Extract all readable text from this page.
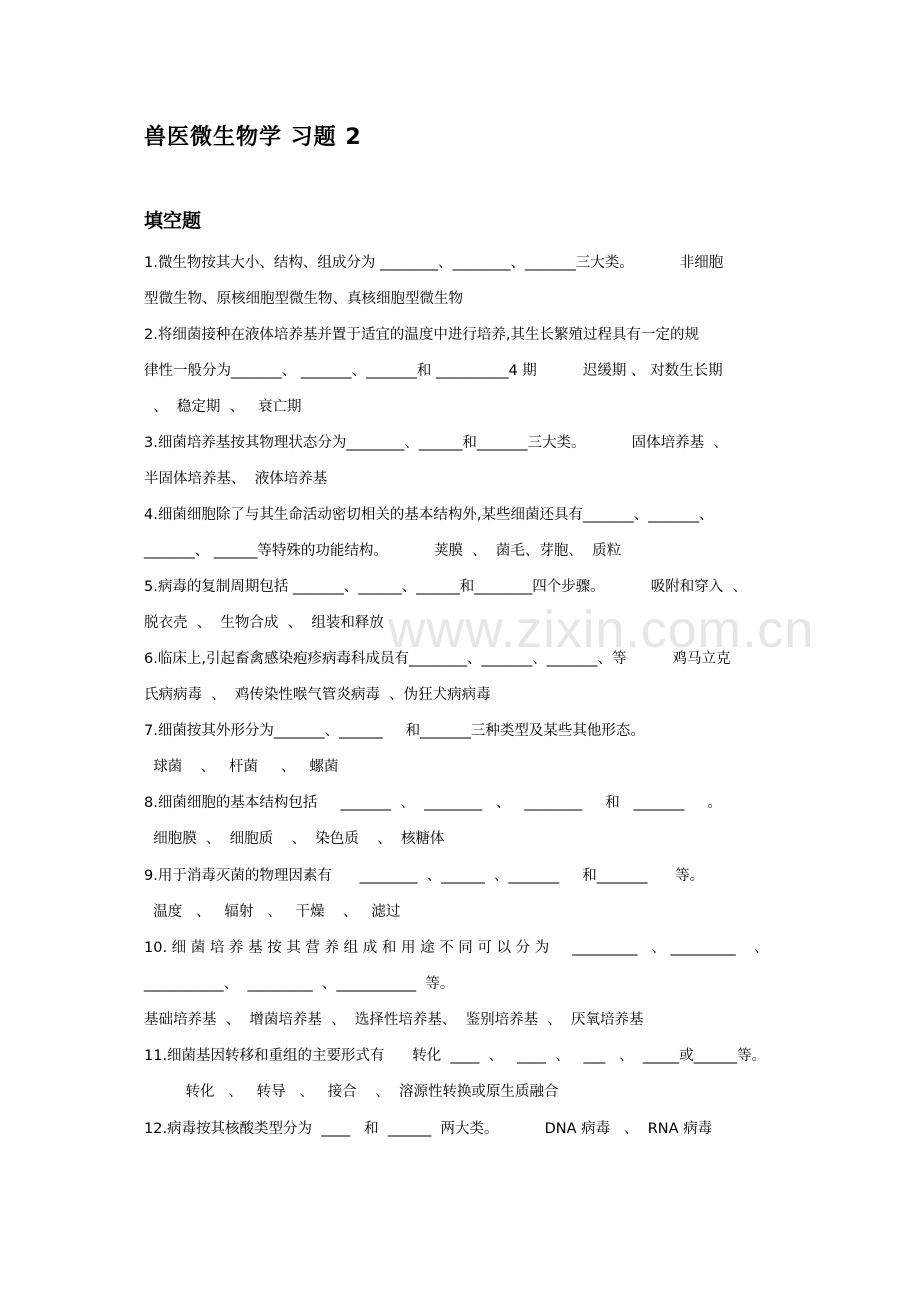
www.zixin.com.cn
兽医微生物学 习题 2
填空题
1.微生物按其大小、结构、组成分为 ________、________、_______三大类。          非细胞
型微生物、原核细胞型微生物、真核细胞型微生物
2.将细菌接种在液体培养基并置于适宜的温度中进行培养,其生长繁殖过程具有一定的规
律性一般分为_______、 _______、_______和 __________4 期          迟缓期 、 对数生长期
、  稳定期  、   衰亡期
3.细菌培养基按其物理状态分为________、______和_______三大类。          固体培养基  、
半固体培养基、  液体培养基
4.细菌细胞除了与其生命活动密切相关的基本结构外,某些细菌还具有_______、_______、
_______、 ______等特殊的功能结构。          荚膜  、  菌毛、芽胞、  质粒
5.病毒的复制周期包括 _______、______、______和________四个步骤。          吸附和穿入  、
脱衣壳  、  生物合成  、  组装和释放
6.临床上,引起畜禽感染疱疹病毒科成员有________、_______、_______、等          鸡马立克
氏病病毒  、  鸡传染性喉气管炎病毒  、伪狂犬病病毒
7.细菌按其外形分为_______、______     和_______三种类型及某些其他形态。
球菌    、   杆菌     、   螺菌
8.细菌细胞的基本结构包括     _______  、  ________   、   ________     和   _______     。
细胞膜  、  细胞质    、  染色质    、  核糖体
9.用于消毒灭菌的物理因素有      ________  、______  、_______     和_______      等。
温度   、   辐射   、   干燥    、   滤过
10. 细 菌 培 养 基 按 其 营 养 组 成 和 用 途 不 同 可 以 分 为     _________   、 _________    、
___________、  _________  、___________  等。
基础培养基  、  增菌培养基  、  选择性培养基、  鉴别培养基  、  厌氧培养基
11.细菌基因转移和重组的主要形式有      转化  ____  、   ____  、   ___   、  _____或______等。
转化   、   转导   、   接合    、  溶源性转换或原生质融合
12.病毒按其核酸类型分为  ____   和  ______  两大类。          DNA 病毒   、  RNA 病毒
